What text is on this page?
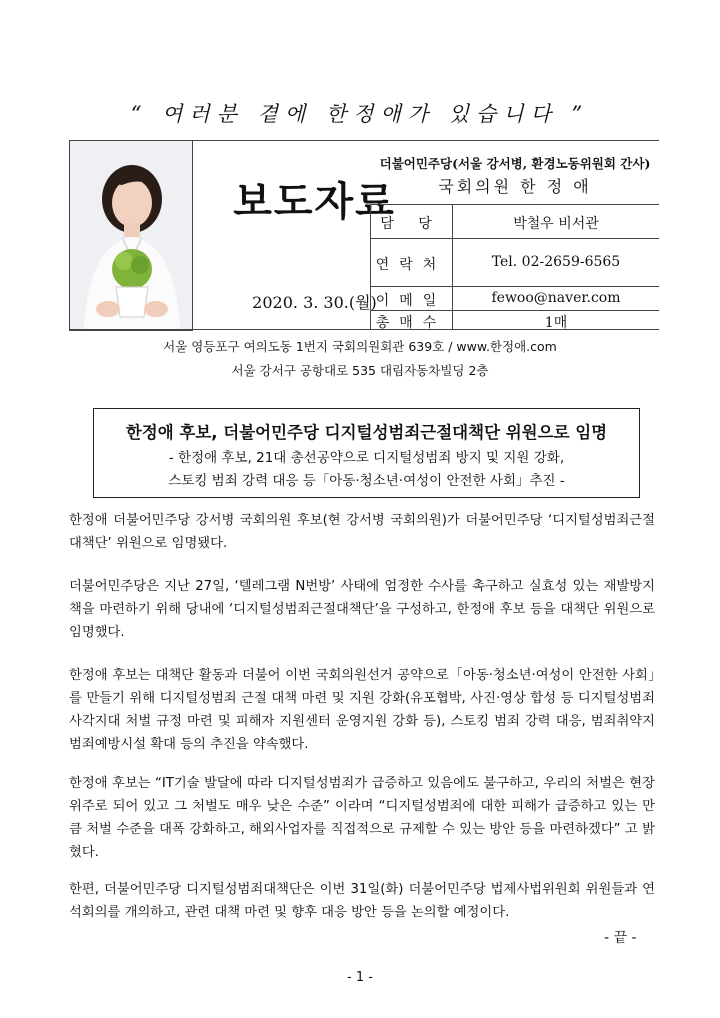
“ 여러분 곁에 한정애가 있습니다 ”
보도자료
2020. 3. 30.(월)
더불어민주당(서울 강서병, 환경노동위원회 간사)
국회의원 한 정 애
담 당	박철우 비서관
연락처	Tel. 02-2659-6565
이메일	fewoo@naver.com
총매수	1매
서울 영등포구 여의도동 1번지 국회의원회관 639호 / www.한정애.com
서울 강서구 공항대로 535 대림자동차빌딩 2층
한정애 후보, 더불어민주당 디지털성범죄근절대책단 위원으로 임명
- 한정애 후보, 21대 총선공약으로 디지털성범죄 방지 및 지원 강화,
스토킹 범죄 강력 대응 등「아동·청소년·여성이 안전한 사회」추진 -
한정애 더불어민주당 강서병 국회의원 후보(현 강서병 국회의원)가 더불어민주당 ‘디지털성범죄근절대책단’ 위원으로 임명됐다.
더불어민주당은 지난 27일, ‘텔레그램 N번방’ 사태에 엄정한 수사를 촉구하고 실효성 있는 재발방지책을 마련하기 위해 당내에 ‘디지털성범죄근절대책단’을 구성하고, 한정애 후보 등을 대책단 위원으로 임명했다.
한정애 후보는 대책단 활동과 더불어 이번 국회의원선거 공약으로「아동·청소년·여성이 안전한 사회」를 만들기 위해 디지털성범죄 근절 대책 마련 및 지원 강화(유포협박, 사진·영상 합성 등 디지털성범죄 사각지대 처벌 규정 마련 및 피해자 지원센터 운영지원 강화 등), 스토킹 범죄 강력 대응, 범죄취약지 범죄예방시설 확대 등의 추진을 약속했다.
한정애 후보는 “IT기술 발달에 따라 디지털성범죄가 급증하고 있음에도 불구하고, 우리의 처벌은 현장 위주로 되어 있고 그 처벌도 매우 낮은 수준” 이라며 “디지털성범죄에 대한 피해가 급증하고 있는 만큼 처벌 수준을 대폭 강화하고, 해외사업자를 직접적으로 규제할 수 있는 방안 등을 마련하겠다” 고 밝혔다.
한편, 더불어민주당 디지털성범죄대책단은 이번 31일(화) 더불어민주당 법제사법위원회 위원들과 연석회의를 개의하고, 관련 대책 마련 및 향후 대응 방안 등을 논의할 예정이다.
- 끝 -
- 1 -
